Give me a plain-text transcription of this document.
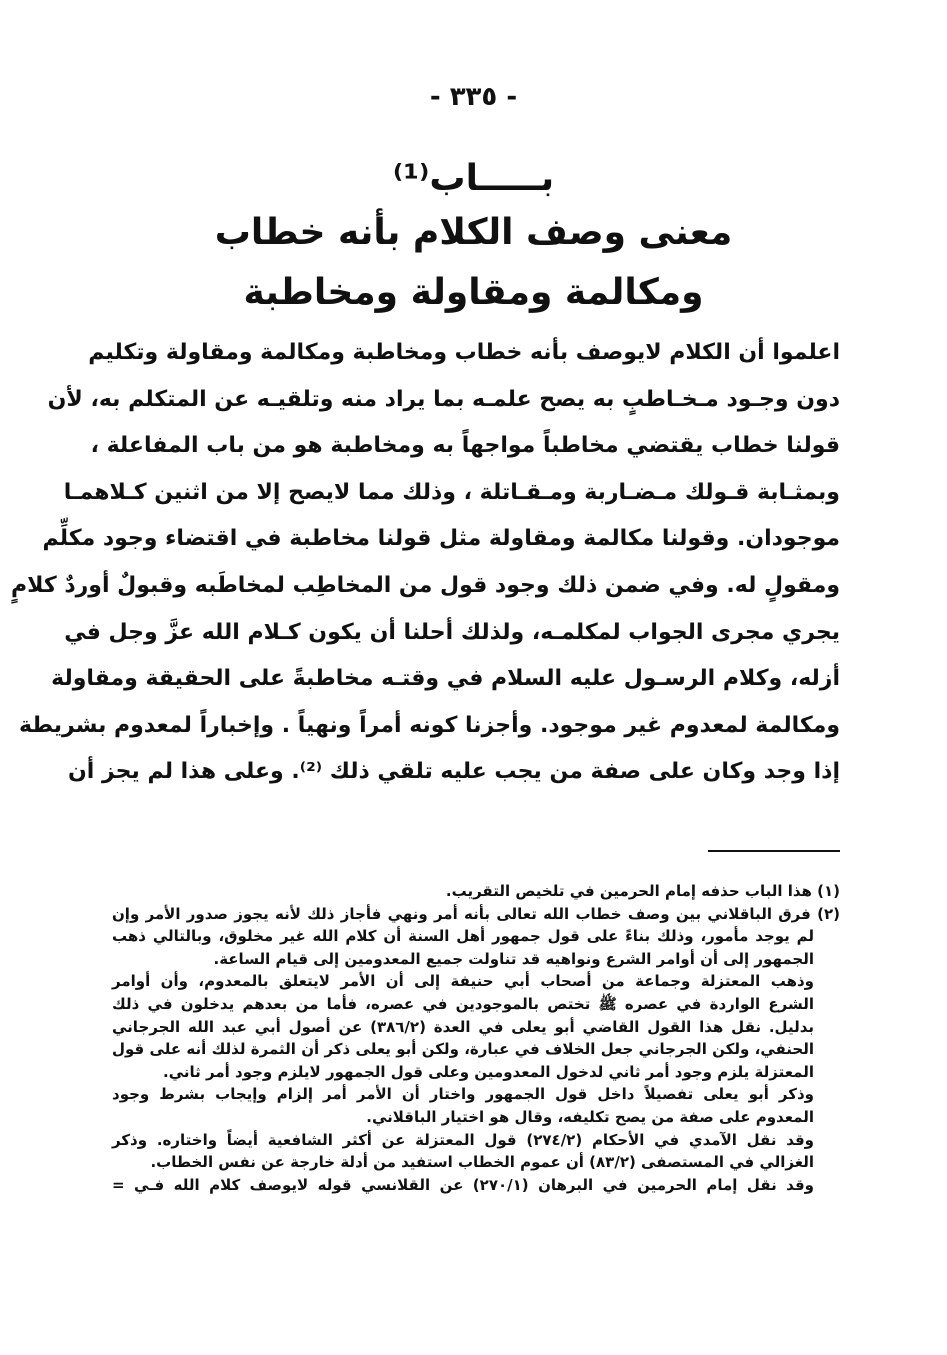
- ٣٣٥ -
بـــــاب⁽¹⁾
معنى وصف الكلام بأنه خطاب
ومكالمة ومقاولة ومخاطبة
اعلموا أن الكلام لايوصف بأنه خطاب ومخاطبة ومكالمة ومقاولة وتكليم
دون وجـود مـخـاطبٍ به يصح علمـه بما يراد منه وتلقيـه عن المتكلم به، لأن
قولنا خطاب يقتضي مخاطباً مواجهاً به ومخاطبة هو من باب المفاعلة ،
وبمثـابة قـولك مـضـاربة ومـقـاتلة ، وذلك مما لايصح إلا من اثنين كـلاهمـا
موجودان. وقولنا مكالمة ومقاولة مثل قولنا مخاطبة في اقتضاء وجود مكلِّم
ومقولٍ له. وفي ضمن ذلك وجود قول من المخاطِب لمخاطَبه وقبولٌ أوردٌ كلامٍ
يجري مجرى الجواب لمكلمـه، ولذلك أحلنا أن يكون كـلام الله عزَّ وجل في
أزله، وكلام الرسـول عليه السلام في وقتـه مخاطبةً على الحقيقة ومقاولة
ومكالمة لمعدوم غير موجود. وأجزنا كونه أمراً ونهياً . وإخباراً لمعدوم بشريطة
إذا وجد وكان على صفة من يجب عليه تلقي ذلك ⁽²⁾. وعلى هذا لم يجز أن
(١) هذا الباب حذفه إمام الحرمين في تلخيص التقريب.
(٢) فرق الباقلاني بين وصف خطاب الله تعالى بأنه أمر ونهي فأجاز ذلك لأنه يجوز صدور الأمر وإن
لم يوجد مأمور، وذلك بناءً على قول جمهور أهل السنة أن كلام الله غير مخلوق، وبالتالي ذهب
الجمهور إلى أن أوامر الشرع ونواهيه قد تناولت جميع المعدومين إلى قيام الساعة.
وذهب المعتزلة وجماعة من أصحاب أبي حنيفة إلى أن الأمر لايتعلق بالمعدوم، وأن أوامر
الشرع الواردة في عصره ﷺ تختص بالموجودين في عصره، فأما من بعدهم يدخلون في ذلك
بدليل. نقل هذا القول القاضي أبو يعلى في العدة (٣٨٦/٢) عن أصول أبي عبد الله الجرجاني
الحنفي، ولكن الجرجاني جعل الخلاف في عبارة، ولكن أبو يعلى ذكر أن الثمرة لذلك أنه على قول
المعتزلة يلزم وجود أمر ثاني لدخول المعدومين وعلى قول الجمهور لايلزم وجود أمر ثاني.
وذكر أبو يعلى تفصيلاً داخل قول الجمهور واختار أن الأمر أمر إلزام وإيجاب بشرط وجود
المعدوم على صفة من يصح تكليفه، وقال هو اختيار الباقلاني.
وقد نقل الآمدي في الأحكام (٢٧٤/٢) قول المعتزلة عن أكثر الشافعية أيضاً واختاره. وذكر
الغزالي في المستصفى (٨٣/٢) أن عموم الخطاب استفيد من أدلة خارجة عن نفس الخطاب.
وقد نقل إمام الحرمين في البرهان (٢٧٠/١) عن القلانسي قوله لايوصف كلام الله فـي =
